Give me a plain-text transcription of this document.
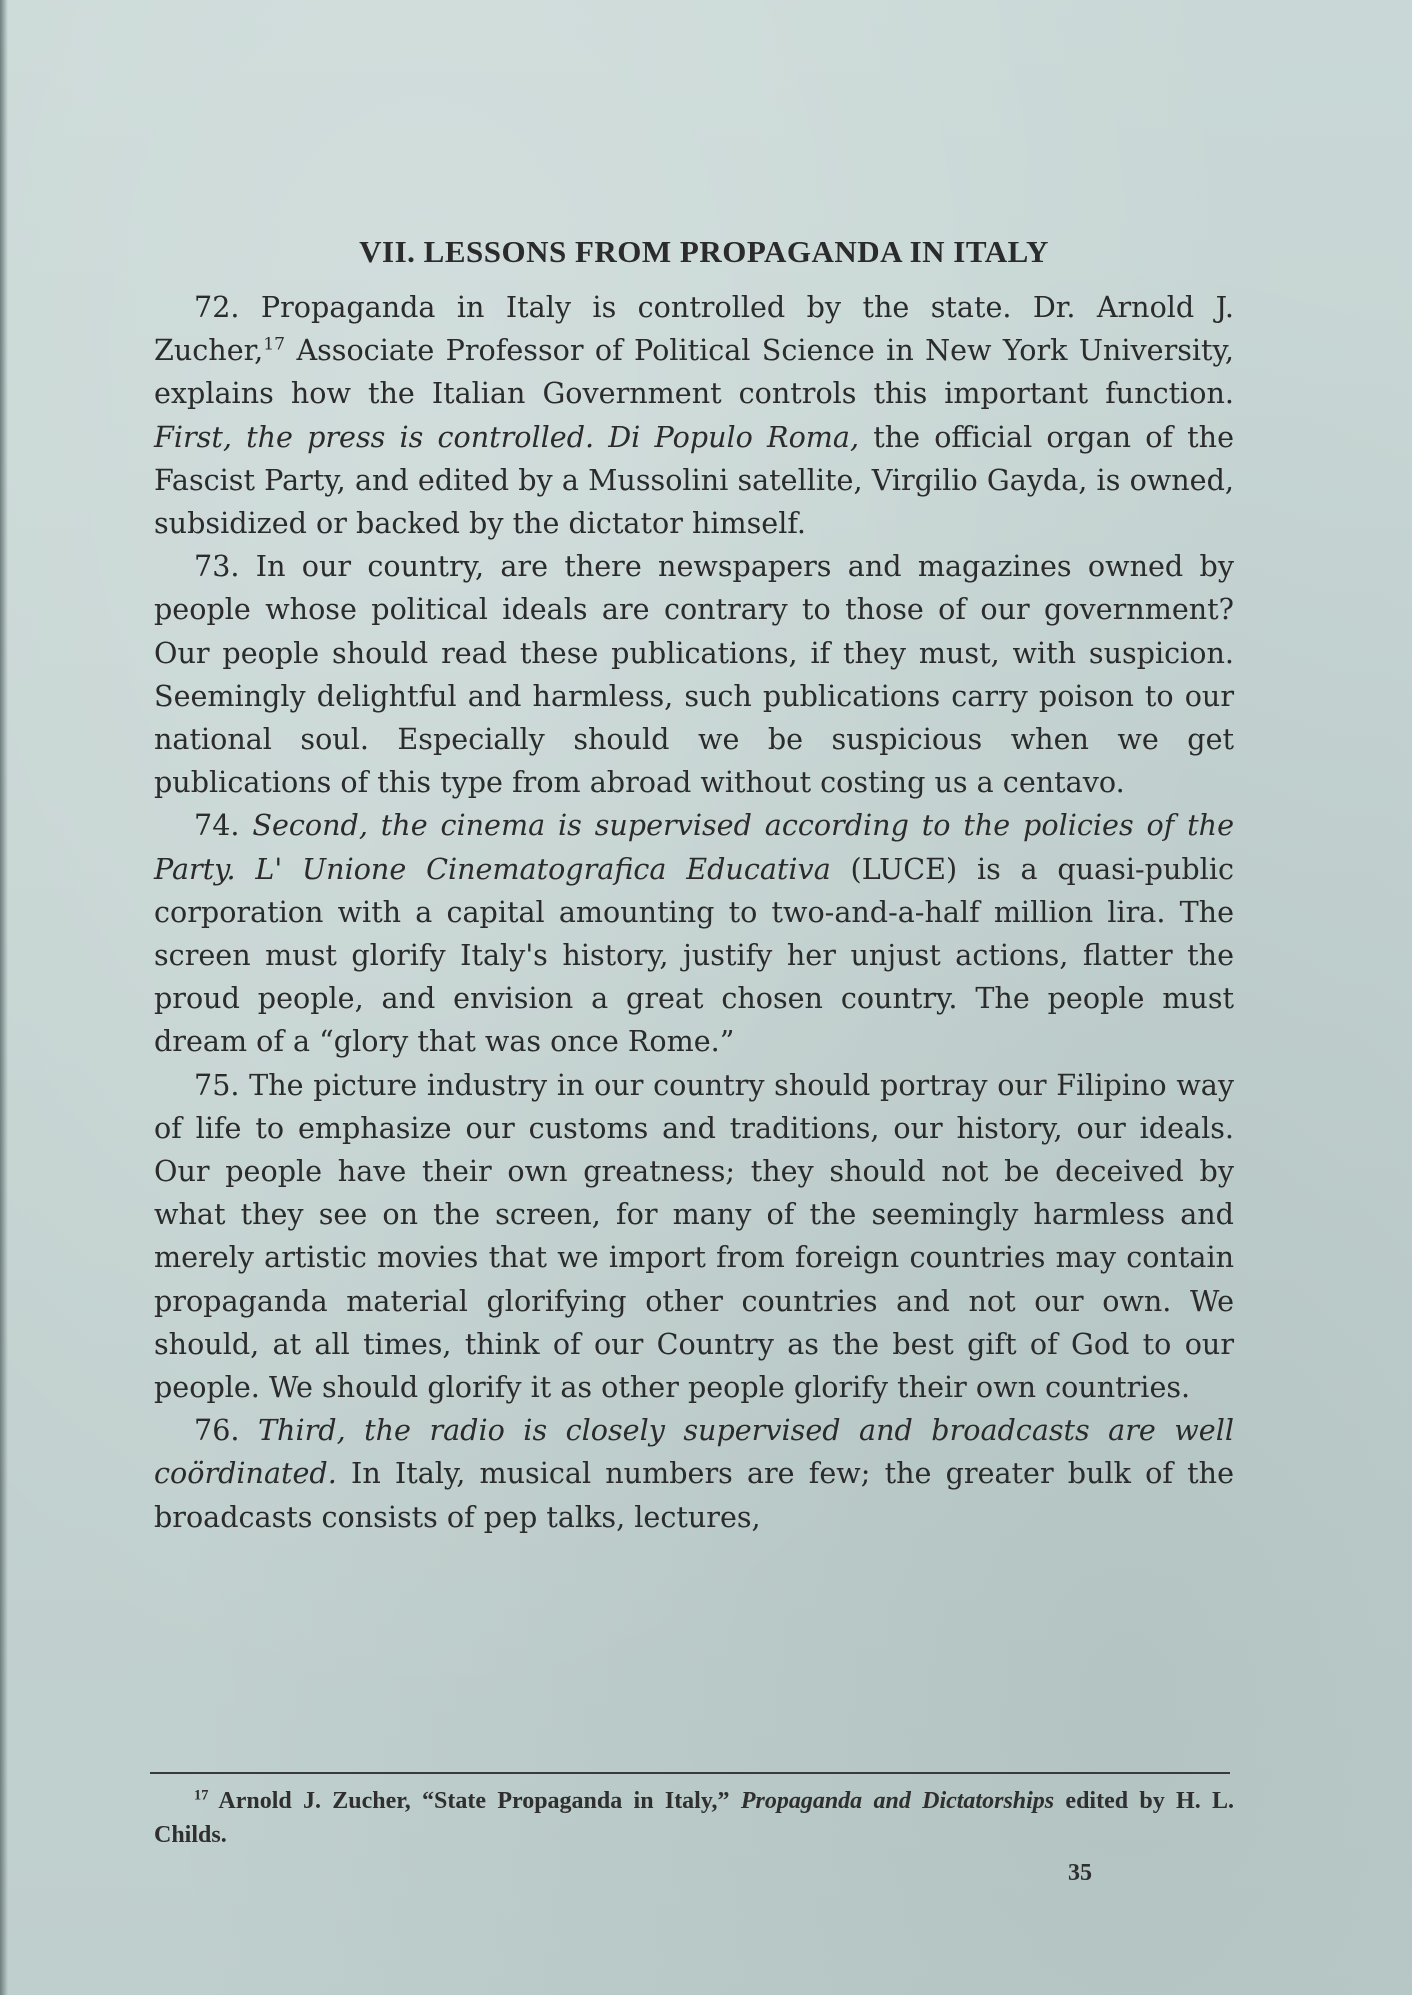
VII. LESSONS FROM PROPAGANDA IN ITALY

72. Propaganda in Italy is controlled by the state. Dr. Arnold J. Zucher,$^{17}$ Associate Professor of Political Science in New York University, explains how the Italian Government controls this important function. First, the press is controlled. Di Populo Roma, the official organ of the Fascist Party, and edited by a Mussolini satellite, Virgilio Gayda, is owned, subsidized or backed by the dictator himself.

73. In our country, are there newspapers and magazines owned by people whose political ideals are contrary to those of our government? Our people should read these publications, if they must, with suspicion. Seemingly delightful and harmless, such publications carry poison to our national soul. Especially should we be suspicious when we get publications of this type from abroad without costing us a centavo.

74. Second, the cinema is supervised according to the policies of the Party. L' Unione Cinematografica Educativa (LUCE) is a quasi-public corporation with a capital amounting to two-and-a-half million lira. The screen must glorify Italy's history, justify her unjust actions, flatter the proud people, and envision a great chosen country. The people must dream of a “glory that was once Rome.”

75. The picture industry in our country should portray our Filipino way of life to emphasize our customs and traditions, our history, our ideals. Our people have their own greatness; they should not be deceived by what they see on the screen, for many of the seemingly harmless and merely artistic movies that we import from foreign countries may contain propaganda material glorifying other countries and not our own. We should, at all times, think of our Country as the best gift of God to our people. We should glorify it as other people glorify their own countries.

76. Third, the radio is closely supervised and broadcasts are well coördinated. In Italy, musical numbers are few; the greater bulk of the broadcasts consists of pep talks, lectures,

$^{17}$ Arnold J. Zucher, “State Propaganda in Italy,” Propaganda and Dictatorships edited by H. L. Childs.
35
